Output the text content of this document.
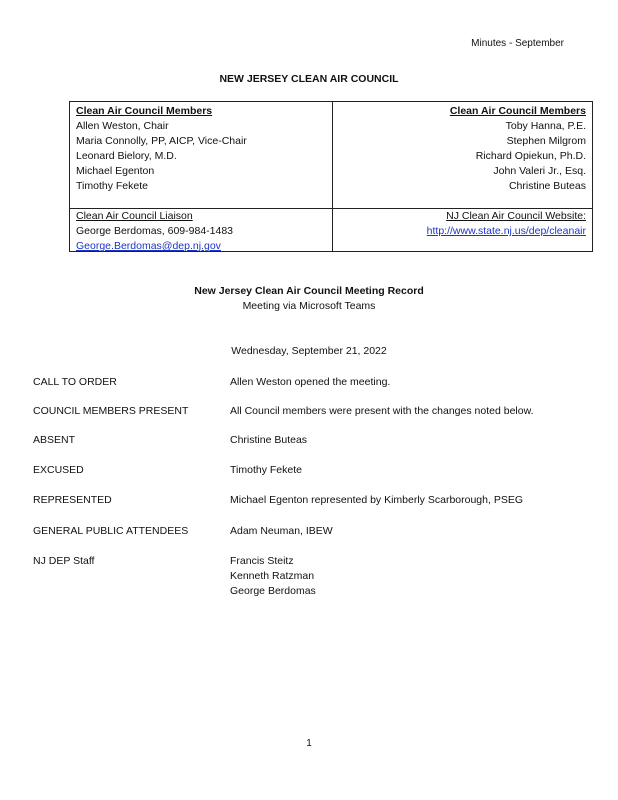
Minutes - September
NEW JERSEY CLEAN AIR COUNCIL
Clean Air Council Members
Allen Weston, Chair
Maria Connolly, PP, AICP, Vice-Chair
Leonard Bielory, M.D.
Michael Egenton
Timothy Fekete
Clean Air Council Members
Toby Hanna, P.E.
Stephen Milgrom
Richard Opiekun, Ph.D.
John Valeri Jr., Esq.
Christine Buteas
Clean Air Council Liaison
George Berdomas, 609-984-1483
George.Berdomas@dep.nj.gov
NJ Clean Air Council Website:
http://www.state.nj.us/dep/cleanair
New Jersey Clean Air Council Meeting Record
Meeting via Microsoft Teams
Wednesday, September 21, 2022
CALL TO ORDER	Allen Weston opened the meeting.
COUNCIL MEMBERS PRESENT	All Council members were present with the changes noted below.
ABSENT	Christine Buteas
EXCUSED	Timothy Fekete
REPRESENTED	Michael Egenton represented by Kimberly Scarborough, PSEG
GENERAL PUBLIC ATTENDEES	Adam Neuman, IBEW
NJ DEP Staff	Francis Steitz
Kenneth Ratzman
George Berdomas
1
